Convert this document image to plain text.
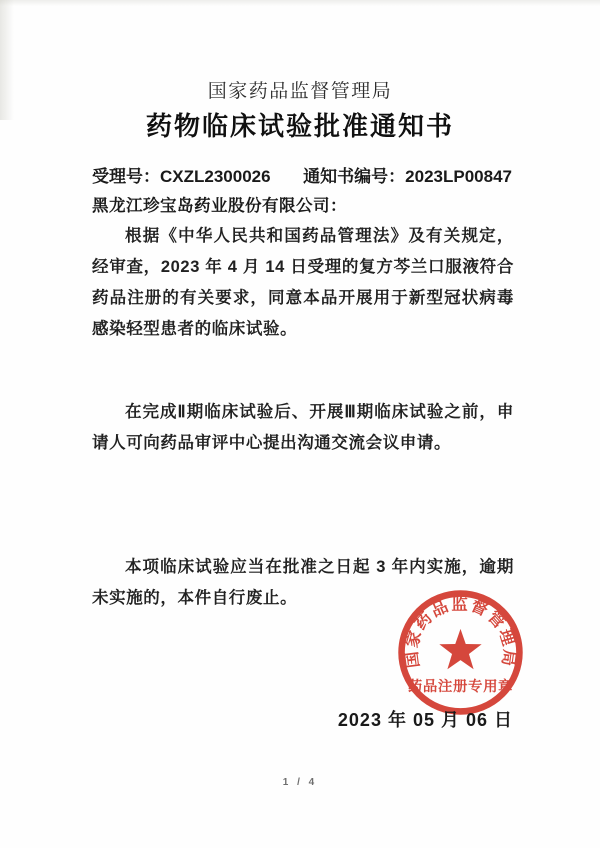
国家药品监督管理局
药物临床试验批准通知书
受理号：CXZL2300026 通知书编号：2023LP00847
黑龙江珍宝岛药业股份有限公司：
根据《中华人民共和国药品管理法》及有关规定，经审查，2023 年 4 月 14 日受理的复方芩兰口服液符合药品注册的有关要求，同意本品开展用于新型冠状病毒感染轻型患者的临床试验。
在完成Ⅱ期临床试验后、开展Ⅲ期临床试验之前，申请人可向药品审评中心提出沟通交流会议申请。
本项临床试验应当在批准之日起 3 年内实施，逾期未实施的，本件自行废止。
国家药品监督管理局
药品注册专用章
2023 年 05 月 06 日
1 / 4
